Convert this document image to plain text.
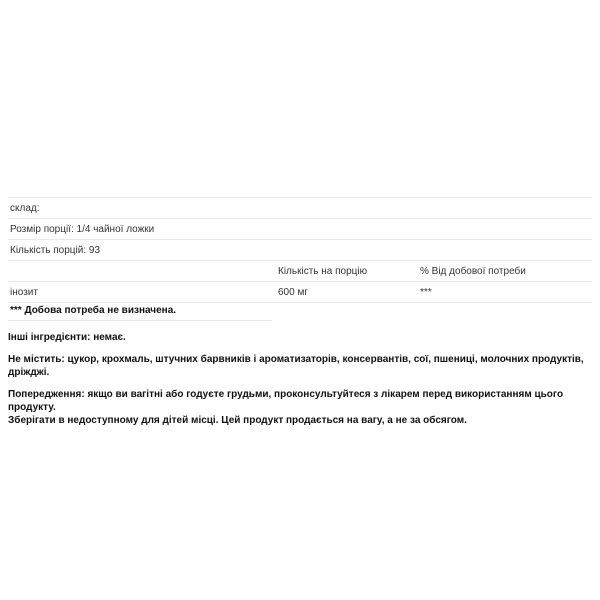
склад:		
Розмір порції: 1/4 чайної ложки		
Кількість порцій: 93		
	Кількість на порцію	% Від добової потреби
інозит	600 мг	***
*** Добова потреба не визначена.

Інші інгредієнти: немає.

Не містить: цукор, крохмаль, штучних барвників і ароматизаторів, консервантів, сої, пшениці, молочних продуктів, дріжджі.

Попередження: якщо ви вагітні або годуєте грудьми, проконсультуйтеся з лікарем перед використанням цього продукту.
Зберігати в недоступному для дітей місці. Цей продукт продається на вагу, а не за обсягом.
